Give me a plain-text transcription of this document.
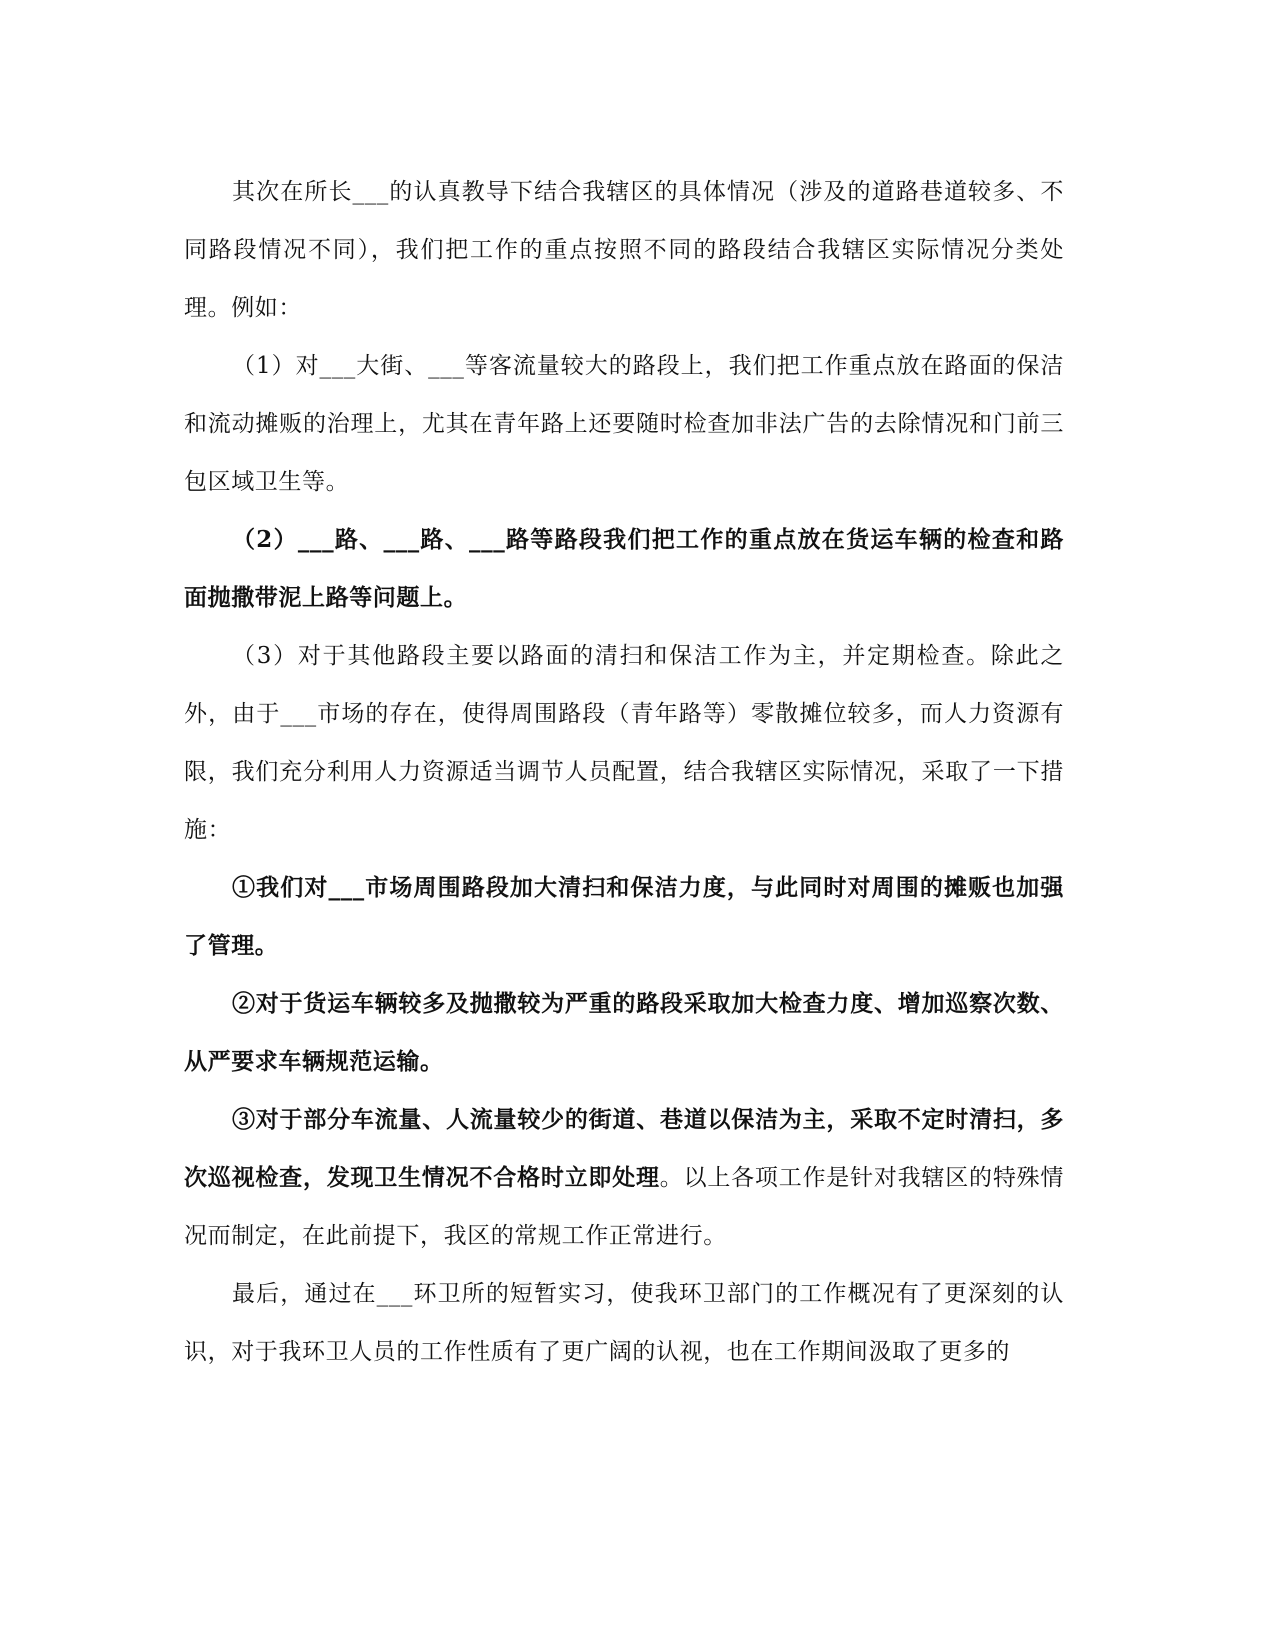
其次在所长___的认真教导下结合我辖区的具体情况（涉及的道路巷道较多、不同路段情况不同），我们把工作的重点按照不同的路段结合我辖区实际情况分类处理。例如：

（1）对___大街、___等客流量较大的路段上，我们把工作重点放在路面的保洁和流动摊贩的治理上，尤其在青年路上还要随时检查加非法广告的去除情况和门前三包区域卫生等。

（2）___路、___路、___路等路段我们把工作的重点放在货运车辆的检查和路面抛撒带泥上路等问题上。

（3）对于其他路段主要以路面的清扫和保洁工作为主，并定期检查。除此之外，由于___市场的存在，使得周围路段（青年路等）零散摊位较多，而人力资源有限，我们充分利用人力资源适当调节人员配置，结合我辖区实际情况，采取了一下措施：

①我们对___市场周围路段加大清扫和保洁力度，与此同时对周围的摊贩也加强了管理。

②对于货运车辆较多及抛撒较为严重的路段采取加大检查力度、增加巡察次数、从严要求车辆规范运输。

③对于部分车流量、人流量较少的街道、巷道以保洁为主，采取不定时清扫，多次巡视检查，发现卫生情况不合格时立即处理。以上各项工作是针对我辖区的特殊情况而制定，在此前提下，我区的常规工作正常进行。

最后，通过在___环卫所的短暂实习，使我环卫部门的工作概况有了更深刻的认识，对于我环卫人员的工作性质有了更广阔的认视，也在工作期间汲取了更多的
